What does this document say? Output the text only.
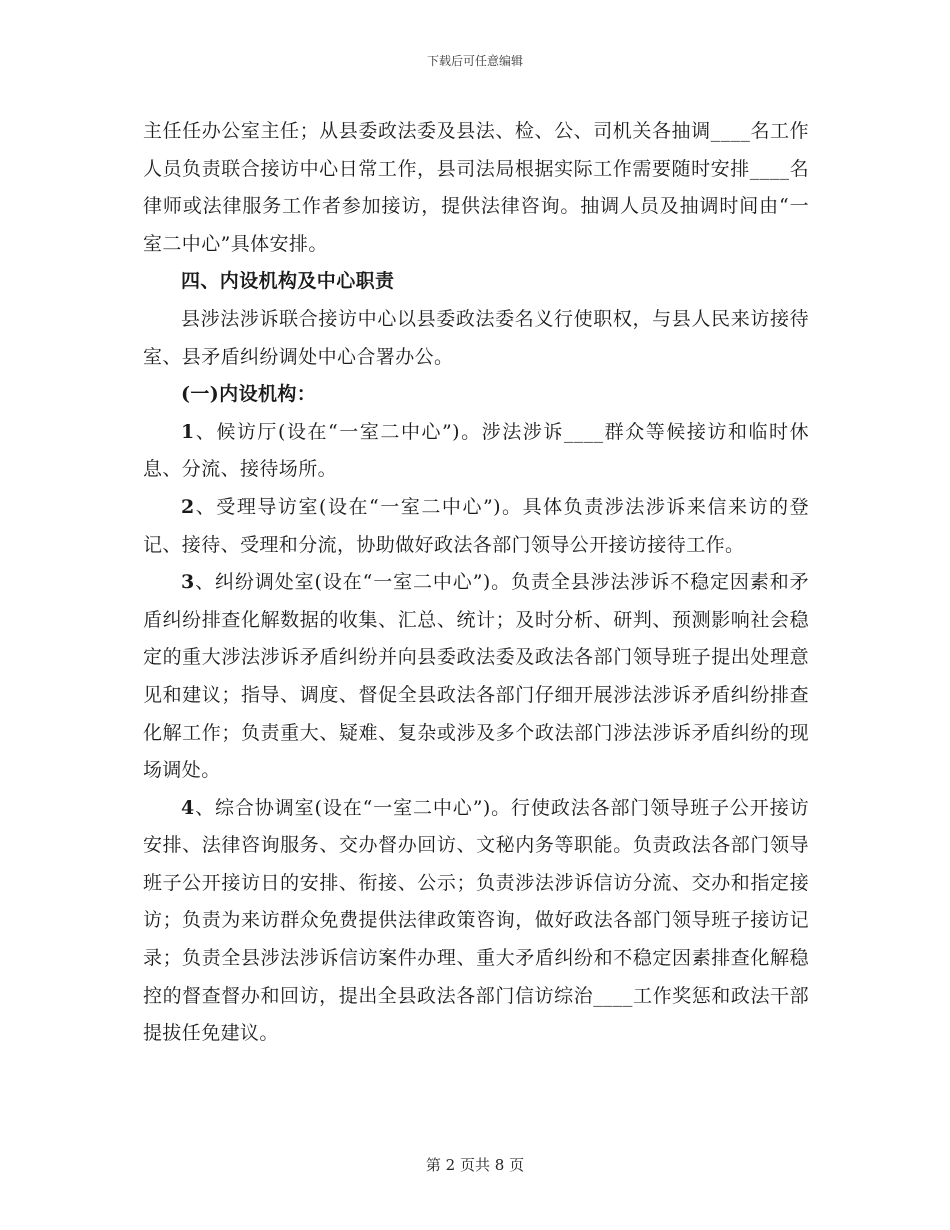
下载后可任意编辑

主任任办公室主任；从县委政法委及县法、检、公、司机关各抽调____名工作人员负责联合接访中心日常工作，县司法局根据实际工作需要随时安排____名律师或法律服务工作者参加接访，提供法律咨询。抽调人员及抽调时间由“一室二中心”具体安排。

四、内设机构及中心职责

县涉法涉诉联合接访中心以县委政法委名义行使职权，与县人民来访接待室、县矛盾纠纷调处中心合署办公。

(一)内设机构：

1、候访厅(设在“一室二中心”)。涉法涉诉____群众等候接访和临时休息、分流、接待场所。

2、受理导访室(设在“一室二中心”)。具体负责涉法涉诉来信来访的登记、接待、受理和分流，协助做好政法各部门领导公开接访接待工作。

3、纠纷调处室(设在“一室二中心”)。负责全县涉法涉诉不稳定因素和矛盾纠纷排查化解数据的收集、汇总、统计；及时分析、研判、预测影响社会稳定的重大涉法涉诉矛盾纠纷并向县委政法委及政法各部门领导班子提出处理意见和建议；指导、调度、督促全县政法各部门仔细开展涉法涉诉矛盾纠纷排查化解工作；负责重大、疑难、复杂或涉及多个政法部门涉法涉诉矛盾纠纷的现场调处。

4、综合协调室(设在“一室二中心”)。行使政法各部门领导班子公开接访安排、法律咨询服务、交办督办回访、文秘内务等职能。负责政法各部门领导班子公开接访日的安排、衔接、公示；负责涉法涉诉信访分流、交办和指定接访；负责为来访群众免费提供法律政策咨询，做好政法各部门领导班子接访记录；负责全县涉法涉诉信访案件办理、重大矛盾纠纷和不稳定因素排查化解稳控的督查督办和回访，提出全县政法各部门信访综治____工作奖惩和政法干部提拔任免建议。

第 2 页共 8 页
